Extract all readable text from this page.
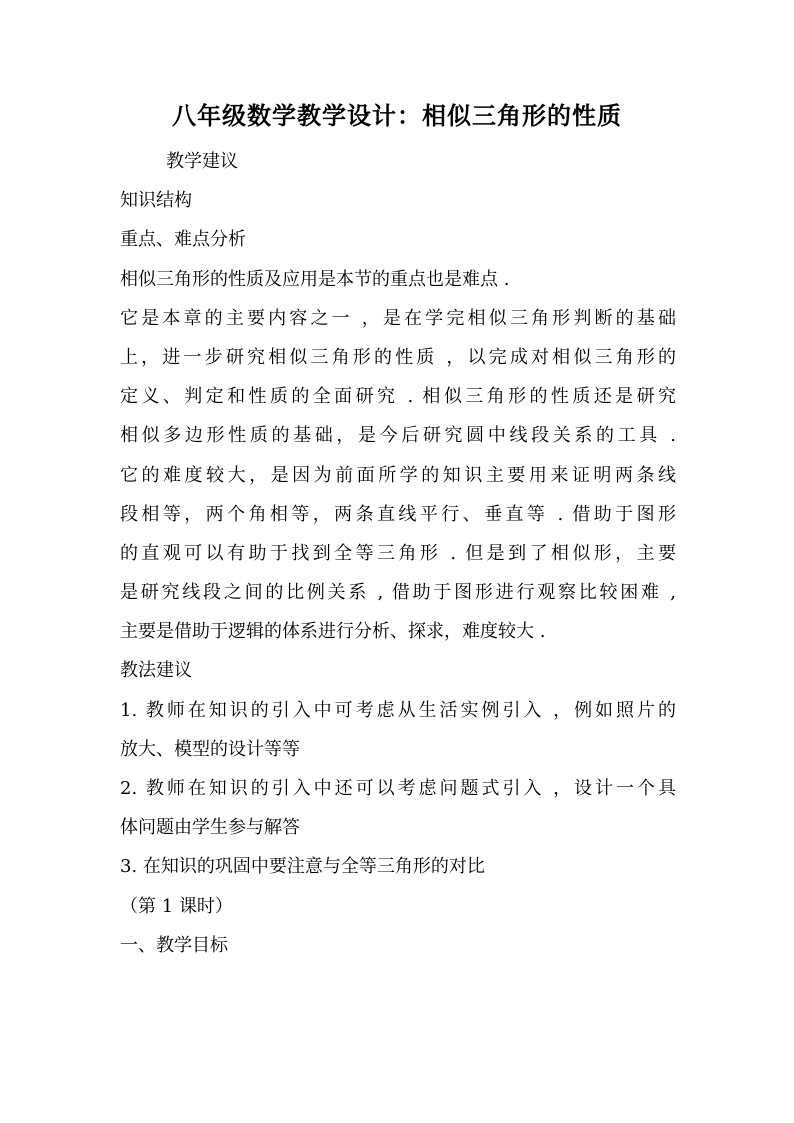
八年级数学教学设计：相似三角形的性质
教学建议
知识结构
重点、难点分析
相似三角形的性质及应用是本节的重点也是难点 .
它是本章的主要内容之一 ，是在学完相似三角形判断的基础
上，进一步研究相似三角形的性质 ，以完成对相似三角形的
定义、判定和性质的全面研究 . 相似三角形的性质还是研究
相似多边形性质的基础，是今后研究圆中线段关系的工具 .
它的难度较大，是因为前面所学的知识主要用来证明两条线
段相等，两个角相等，两条直线平行、垂直等 . 借助于图形
的直观可以有助于找到全等三角形 . 但是到了相似形，主要
是研究线段之间的比例关系 , 借助于图形进行观察比较困难 ,
主要是借助于逻辑的体系进行分析、探求，难度较大 .
教法建议
1. 教师在知识的引入中可考虑从生活实例引入 ，例如照片的
放大、模型的设计等等
2. 教师在知识的引入中还可以考虑问题式引入 ，设计一个具
体问题由学生参与解答
3. 在知识的巩固中要注意与全等三角形的对比
（第 1 课时）
一、教学目标
